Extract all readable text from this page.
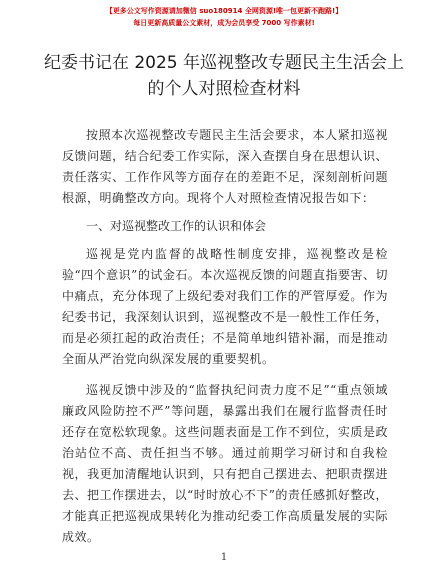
【更多公文写作资源请加微信 suo180914 全网资源!唯一包更新不跑路!】
每日更新高质量公文素材，成为会员享受 7000 写作素材!
纪委书记在 2025 年巡视整改专题民主生活会上的个人对照检查材料

按照本次巡视整改专题民主生活会要求，本人紧扣巡视反馈问题，结合纪委工作实际，深入查摆自身在思想认识、责任落实、工作作风等方面存在的差距不足，深刻剖析问题根源，明确整改方向。现将个人对照检查情况报告如下：

一、对巡视整改工作的认识和体会

巡视是党内监督的战略性制度安排，巡视整改是检验“四个意识”的试金石。本次巡视反馈的问题直指要害、切中痛点，充分体现了上级纪委对我们工作的严管厚爱。作为纪委书记，我深刻认识到，巡视整改不是一般性工作任务，而是必须扛起的政治责任；不是简单地纠错补漏，而是推动全面从严治党向纵深发展的重要契机。

巡视反馈中涉及的“监督执纪问责力度不足”“重点领域廉政风险防控不严”等问题，暴露出我们在履行监督责任时还存在宽松软现象。这些问题表面是工作不到位，实质是政治站位不高、责任担当不够。通过前期学习研讨和自我检视，我更加清醒地认识到，只有把自己摆进去、把职责摆进去、把工作摆进去，以“时时放心不下”的责任感抓好整改，才能真正把巡视成果转化为推动纪委工作高质量发展的实际成效。

1
